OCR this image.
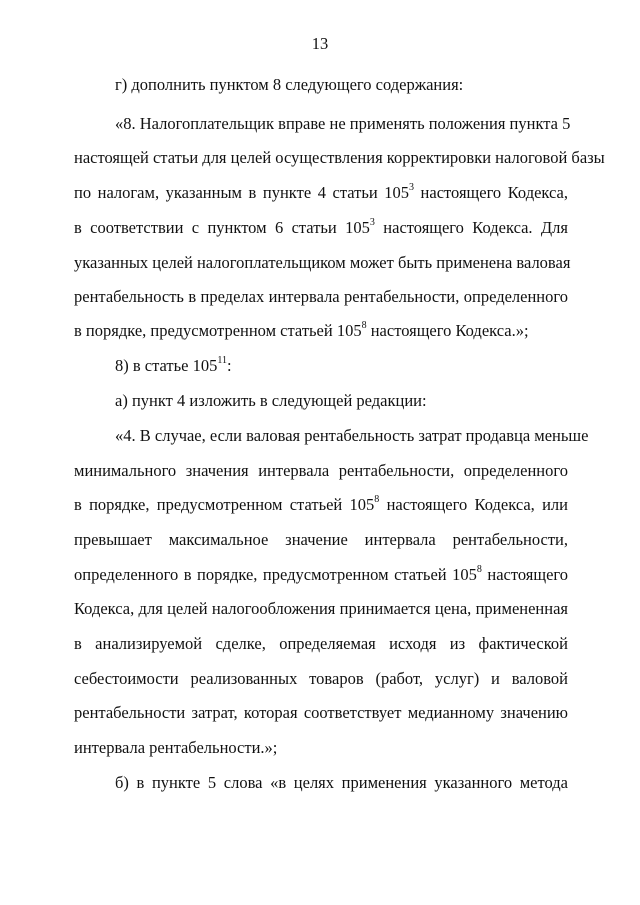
13
г) дополнить пунктом 8 следующего содержания:
«8. Налогоплательщик вправе не применять положения пункта 5
настоящей статьи для целей осуществления корректировки налоговой базы
по налогам, указанным в пункте 4 статьи $105^3$ настоящего Кодекса,
в соответствии с пунктом 6 статьи $105^3$ настоящего Кодекса. Для
указанных целей налогоплательщиком может быть применена валовая
рентабельность в пределах интервала рентабельности, определенного
в порядке, предусмотренном статьей $105^8$ настоящего Кодекса.»;
8) в статье $105^{11}$:
а) пункт 4 изложить в следующей редакции:
«4. В случае, если валовая рентабельность затрат продавца меньше
минимального значения интервала рентабельности, определенного
в порядке, предусмотренном статьей $105^8$ настоящего Кодекса, или
превышает максимальное значение интервала рентабельности,
определенного в порядке, предусмотренном статьей $105^8$ настоящего
Кодекса, для целей налогообложения принимается цена, примененная
в анализируемой сделке, определяемая исходя из фактической
себестоимости реализованных товаров (работ, услуг) и валовой
рентабельности затрат, которая соответствует медианному значению
интервала рентабельности.»;
б) в пункте 5 слова «в целях применения указанного метода
